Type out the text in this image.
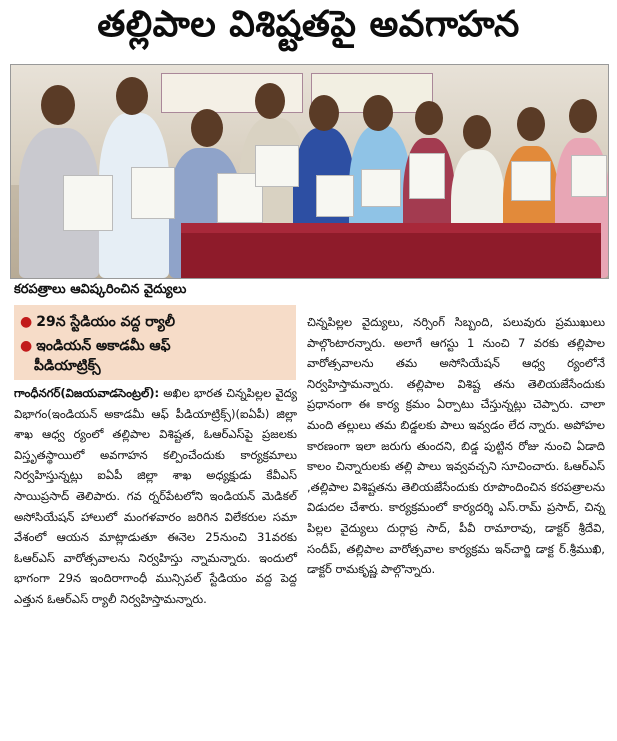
తల్లిపాల విశిష్టతపై అవగాహన
కరపత్రాలు ఆవిష్కరించిన వైద్యులు
● 29న స్టేడియం వద్ద ర్యాలీ
● ఇండియన్ అకాడమీ ఆఫ్
పీడియాట్రిక్స్
గాంధీనగర్(విజయవాడసెంట్రల్): అఖిల భారత చిన్నపిల్లల వైద్య విభాగం(ఇండియన్ అకాడమీ ఆఫ్ పీడియాట్రిక్స్)(ఐఏపీ) జిల్లా శాఖ ఆధ్వ ర్యంలో తల్లిపాల విశిష్టత, ఓఆర్ఎస్‌పై ప్రజలకు విస్తృతస్థాయిలో అవగాహన కల్పించేందుకు కార్యక్రమాలు నిర్వహిస్తున్నట్లు ఐఏపీ జిల్లా శాఖ అధ్యక్షుడు కేవీఎస్ సాయిప్రసాద్ తెలిపారు. గవ ర్నర్‌పేటలోని ఇండియన్ మెడికల్ అసోసియేషన్ హాలులో మంగళవారం జరిగిన విలేకరుల సమా వేశంలో ఆయన మాట్లాడుతూ ఈనెల 25నుంచి 31వరకు ఓఆర్ఎస్ వారోత్సవాలను నిర్వహిస్తు న్నామన్నారు. ఇందులో భాగంగా 29న ఇందిరాగాంధీ మున్సిపల్ స్టేడియం వద్ద పెద్ద ఎత్తున ఓఆర్ఎస్ ర్యాలీ నిర్వహిస్తామన్నారు.
చిన్నపిల్లల వైద్యులు, నర్సింగ్ సిబ్బంది, పలువురు ప్రముఖులు పాల్గొంటారన్నారు. అలాగే ఆగస్టు 1 నుంచి 7 వరకు తల్లిపాల వారోత్సవాలను తమ అసోసియేషన్ ఆధ్వ ర్యంలోనే నిర్వహిస్తామన్నారు. తల్లిపాల విశిష్ట తను తెలియజేసేందుకు ప్రధానంగా ఈ కార్య క్రమం ఏర్పాటు చేస్తున్నట్లు చెప్పారు. చాలా మంది తల్లులు తమ బిడ్డలకు పాలు ఇవ్వడం లేద న్నారు. అపోహల కారణంగా ఇలా జరుగు తుందని, బిడ్డ పుట్టిన రోజు నుంచి ఏడాది కాలం చిన్నారులకు తల్లి పాలు ఇవ్వవచ్చని సూచించారు. ఓఆర్ఎస్ ,తల్లిపాల విశిష్టతను తెలియజేసేందుకు రూపొందించిన కరపత్రాలను విడుదల చేశారు. కార్యక్రమంలో కార్యదర్శి ఎస్.రామ్ ప్రసాద్, చిన్న పిల్లల వైద్యులు దుర్గాప్ర సాద్, పీవీ రామారావు, డాక్టర్ శ్రీదేవి, సందీప్, తల్లిపాల వారోత్సవాల కార్యక్రమ ఇన్‌చార్జి డాక్ట ర్.శ్రీముఖి, డాక్టర్ రామకృష్ణ పాల్గొన్నారు.
